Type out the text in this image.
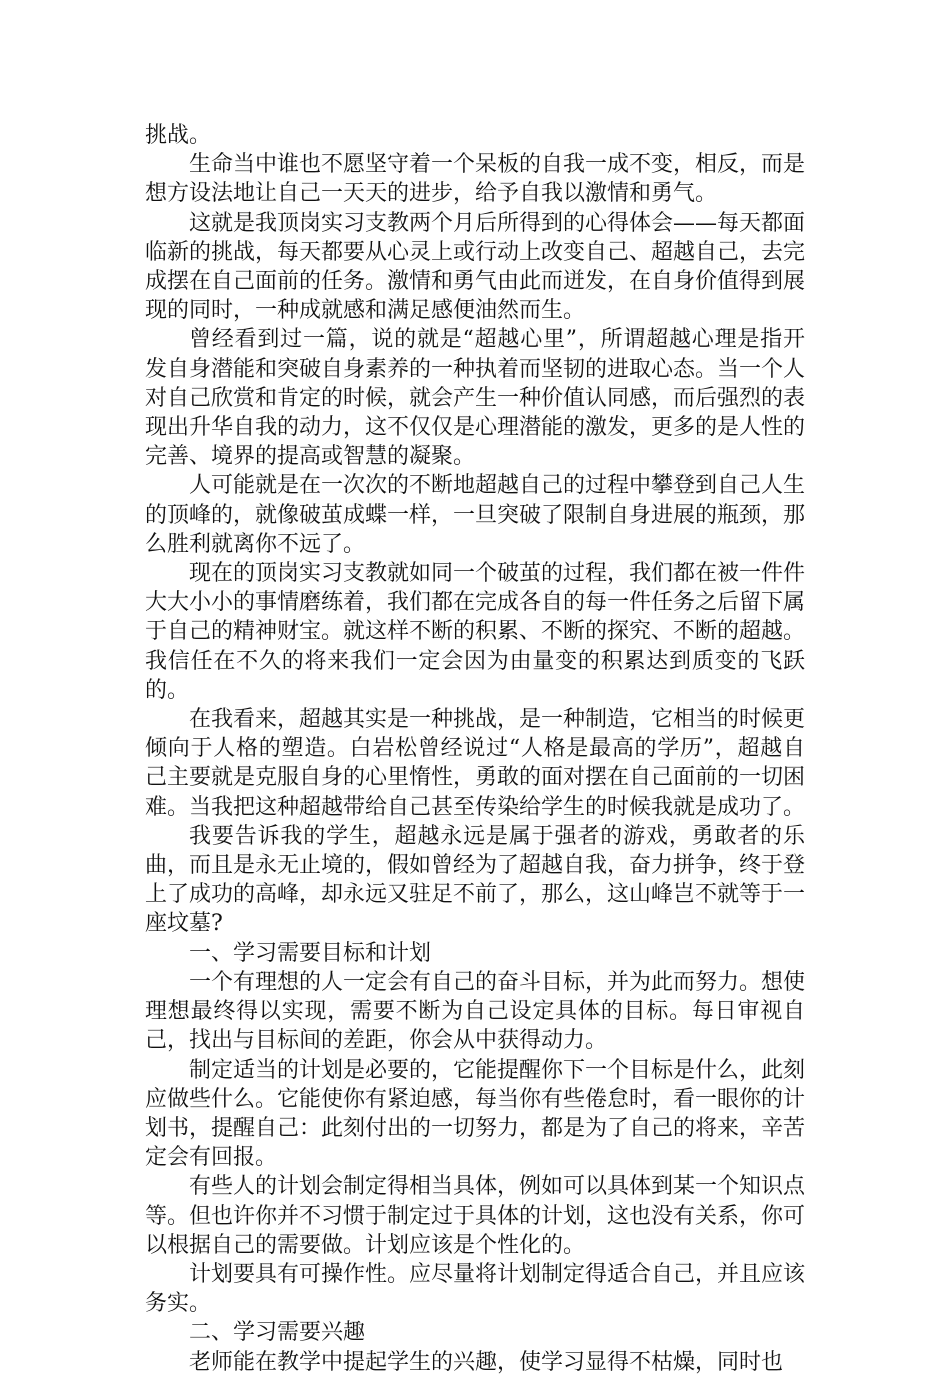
挑战。

生命当中谁也不愿坚守着一个呆板的自我一成不变，相反，而是想方设法地让自己一天天的进步，给予自我以激情和勇气。

这就是我顶岗实习支教两个月后所得到的心得体会——每天都面临新的挑战，每天都要从心灵上或行动上改变自己、超越自己，去完成摆在自己面前的任务。激情和勇气由此而迸发，在自身价值得到展现的同时，一种成就感和满足感便油然而生。

曾经看到过一篇，说的就是“超越心里”，所谓超越心理是指开发自身潜能和突破自身素养的一种执着而坚韧的进取心态。当一个人对自己欣赏和肯定的时候，就会产生一种价值认同感，而后强烈的表现出升华自我的动力，这不仅仅是心理潜能的激发，更多的是人性的完善、境界的提高或智慧的凝聚。

人可能就是在一次次的不断地超越自己的过程中攀登到自己人生的顶峰的，就像破茧成蝶一样，一旦突破了限制自身进展的瓶颈，那么胜利就离你不远了。

现在的顶岗实习支教就如同一个破茧的过程，我们都在被一件件大大小小的事情磨练着，我们都在完成各自的每一件任务之后留下属于自己的精神财宝。就这样不断的积累、不断的探究、不断的超越。我信任在不久的将来我们一定会因为由量变的积累达到质变的飞跃的。

在我看来，超越其实是一种挑战，是一种制造，它相当的时候更倾向于人格的塑造。白岩松曾经说过“人格是最高的学历”，超越自己主要就是克服自身的心里惰性，勇敢的面对摆在自己面前的一切困难。当我把这种超越带给自己甚至传染给学生的时候我就是成功了。

我要告诉我的学生，超越永远是属于强者的游戏，勇敢者的乐曲，而且是永无止境的，假如曾经为了超越自我，奋力拼争，终于登上了成功的高峰，却永远又驻足不前了，那么，这山峰岂不就等于一座坟墓?

一、学习需要目标和计划

一个有理想的人一定会有自己的奋斗目标，并为此而努力。想使理想最终得以实现，需要不断为自己设定具体的目标。每日审视自己，找出与目标间的差距，你会从中获得动力。

制定适当的计划是必要的，它能提醒你下一个目标是什么，此刻应做些什么。它能使你有紧迫感，每当你有些倦怠时，看一眼你的计划书，提醒自己：此刻付出的一切努力，都是为了自己的将来，辛苦定会有回报。

有些人的计划会制定得相当具体，例如可以具体到某一个知识点等。但也许你并不习惯于制定过于具体的计划，这也没有关系，你可以根据自己的需要做。计划应该是个性化的。

计划要具有可操作性。应尽量将计划制定得适合自己，并且应该务实。

二、学习需要兴趣

老师能在教学中提起学生的兴趣，使学习显得不枯燥，同时也
